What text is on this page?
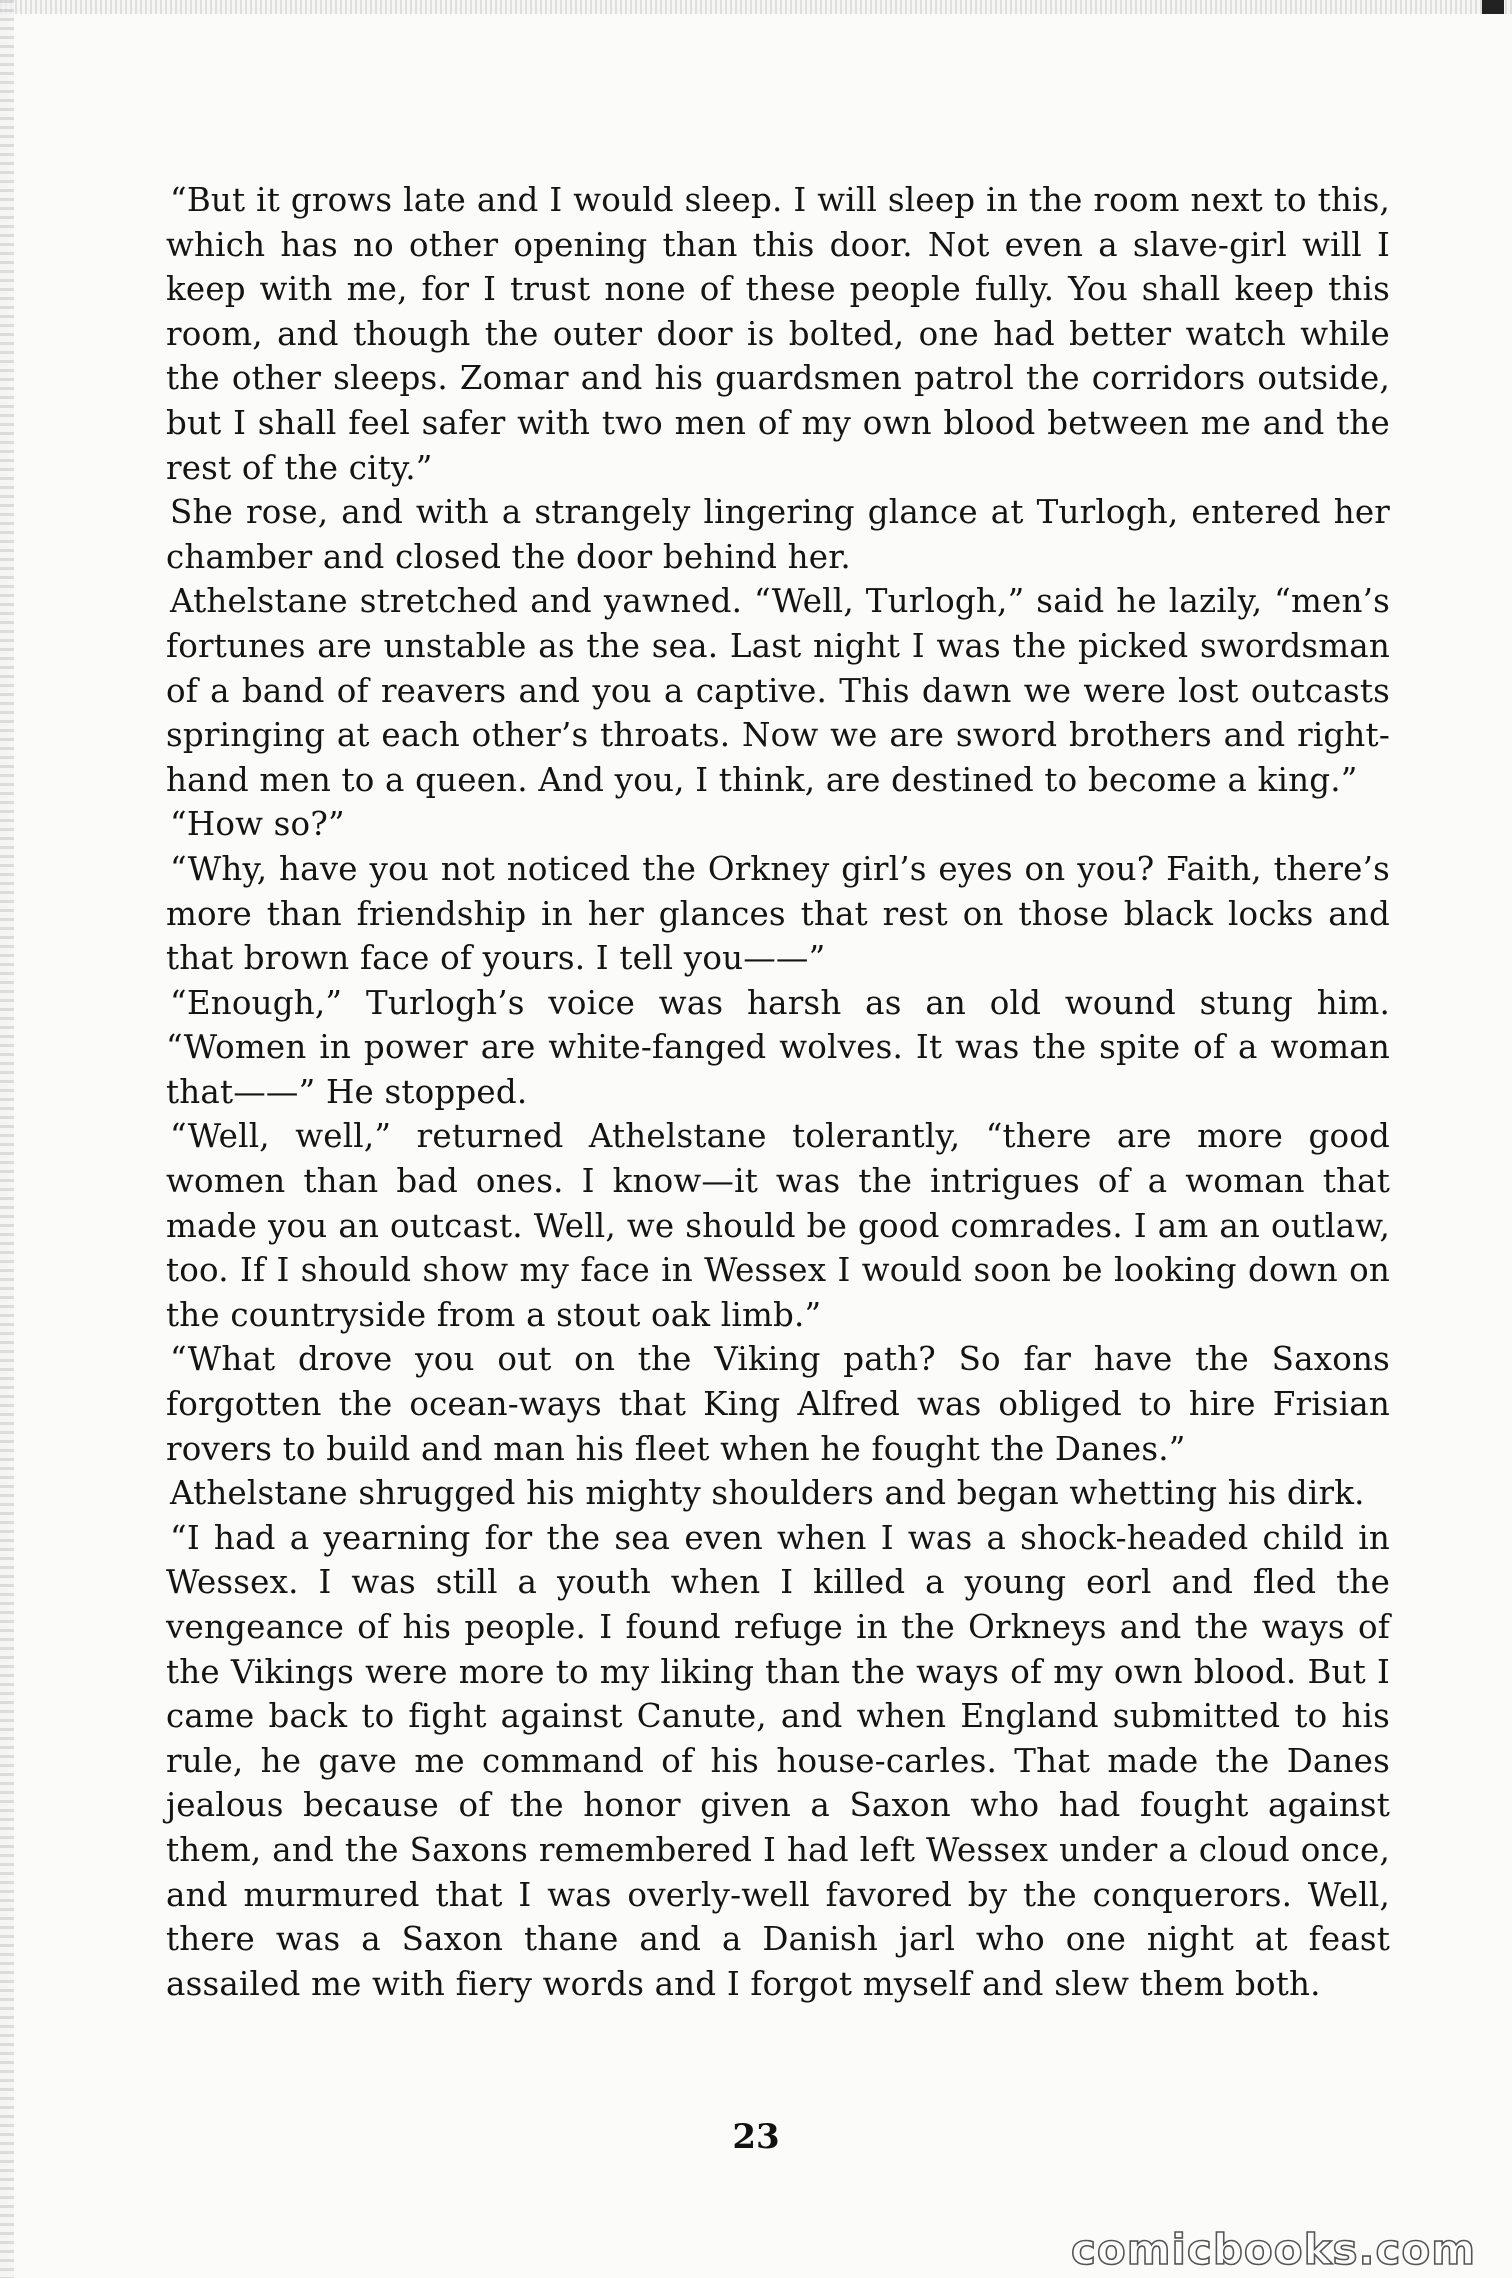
“But it grows late and I would sleep. I will sleep in the room next to this, which has no other opening than this door. Not even a slave-girl will I keep with me, for I trust none of these people fully. You shall keep this room, and though the outer door is bolted, one had better watch while the other sleeps. Zomar and his guardsmen patrol the corridors outside, but I shall feel safer with two men of my own blood between me and the rest of the city.”

She rose, and with a strangely lingering glance at Turlogh, entered her chamber and closed the door behind her.

Athelstane stretched and yawned. “Well, Turlogh,” said he lazily, “men’s fortunes are unstable as the sea. Last night I was the picked swordsman of a band of reavers and you a captive. This dawn we were lost outcasts springing at each other’s throats. Now we are sword brothers and right-hand men to a queen. And you, I think, are destined to become a king.”

“How so?”

“Why, have you not noticed the Orkney girl’s eyes on you? Faith, there’s more than friendship in her glances that rest on those black locks and that brown face of yours. I tell you——”

“Enough,” Turlogh’s voice was harsh as an old wound stung him. “Women in power are white-fanged wolves. It was the spite of a woman that——” He stopped.

“Well, well,” returned Athelstane tolerantly, “there are more good women than bad ones. I know—it was the intrigues of a woman that made you an outcast. Well, we should be good comrades. I am an outlaw, too. If I should show my face in Wessex I would soon be looking down on the countryside from a stout oak limb.”

“What drove you out on the Viking path? So far have the Saxons forgotten the ocean-ways that King Alfred was obliged to hire Frisian rovers to build and man his fleet when he fought the Danes.”

Athelstane shrugged his mighty shoulders and began whetting his dirk.

“I had a yearning for the sea even when I was a shock-headed child in Wessex. I was still a youth when I killed a young eorl and fled the vengeance of his people. I found refuge in the Orkneys and the ways of the Vikings were more to my liking than the ways of my own blood. But I came back to fight against Canute, and when England submitted to his rule, he gave me command of his house-carles. That made the Danes jealous because of the honor given a Saxon who had fought against them, and the Saxons remembered I had left Wessex under a cloud once, and murmured that I was overly-well favored by the conquerors. Well, there was a Saxon thane and a Danish jarl who one night at feast assailed me with fiery words and I forgot myself and slew them both.

23
comicbooks.com
